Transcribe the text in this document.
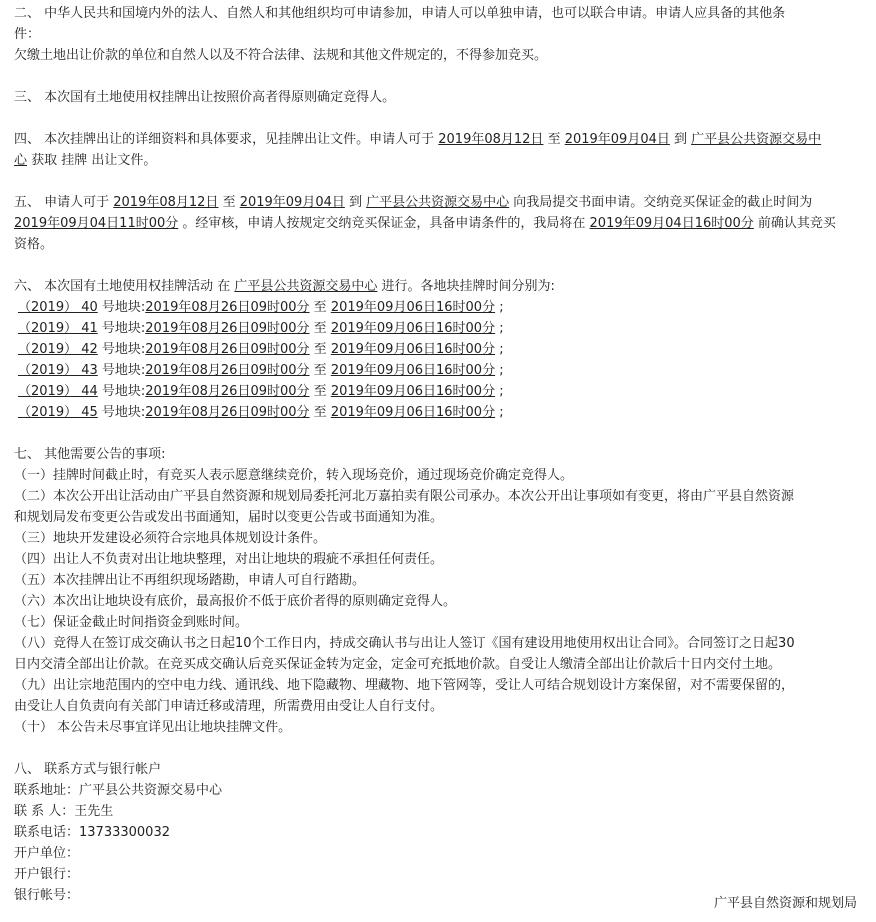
二、 中华人民共和国境内外的法人、自然人和其他组织均可申请参加，申请人可以单独申请，也可以联合申请。申请人应具备的其他条
件：
欠缴土地出让价款的单位和自然人以及不符合法律、法规和其他文件规定的，不得参加竞买。
三、 本次国有土地使用权挂牌出让按照价高者得原则确定竞得人。
四、 本次挂牌出让的详细资料和具体要求，见挂牌出让文件。申请人可于 2019年08月12日 至 2019年09月04日 到 广平县公共资源交易中
心 获取 挂牌 出让文件。
五、 申请人可于 2019年08月12日 至 2019年09月04日 到 广平县公共资源交易中心 向我局提交书面申请。交纳竞买保证金的截止时间为
2019年09月04日11时00分 。经审核，申请人按规定交纳竞买保证金，具备申请条件的，我局将在 2019年09月04日16时00分 前确认其竞买
资格。
六、 本次国有土地使用权挂牌活动 在 广平县公共资源交易中心 进行。各地块挂牌时间分别为:
（2019） 40 号地块:2019年08月26日09时00分 至 2019年09月06日16时00分 ;
（2019） 41 号地块:2019年08月26日09时00分 至 2019年09月06日16时00分 ;
（2019） 42 号地块:2019年08月26日09时00分 至 2019年09月06日16时00分 ;
（2019） 43 号地块:2019年08月26日09时00分 至 2019年09月06日16时00分 ;
（2019） 44 号地块:2019年08月26日09时00分 至 2019年09月06日16时00分 ;
（2019） 45 号地块:2019年08月26日09时00分 至 2019年09月06日16时00分 ;
七、 其他需要公告的事项:
（一）挂牌时间截止时，有竞买人表示愿意继续竞价，转入现场竞价，通过现场竞价确定竞得人。
（二）本次公开出让活动由广平县自然资源和规划局委托河北万嘉拍卖有限公司承办。本次公开出让事项如有变更，将由广平县自然资源
和规划局发布变更公告或发出书面通知，届时以变更公告或书面通知为准。
（三）地块开发建设必须符合宗地具体规划设计条件。
（四）出让人不负责对出让地块整理，对出让地块的瑕疵不承担任何责任。
（五）本次挂牌出让不再组织现场踏勘，申请人可自行踏勘。
（六）本次出让地块设有底价，最高报价不低于底价者得的原则确定竞得人。
（七）保证金截止时间指资金到账时间。
（八）竞得人在签订成交确认书之日起10个工作日内，持成交确认书与出让人签订《国有建设用地使用权出让合同》。合同签订之日起30
日内交清全部出让价款。在竞买成交确认后竞买保证金转为定金，定金可充抵地价款。自受让人缴清全部出让价款后十日内交付土地。
（九）出让宗地范围内的空中电力线、通讯线、地下隐藏物、埋藏物、地下管网等，受让人可结合规划设计方案保留，对不需要保留的，
由受让人自负责向有关部门申请迁移或清理，所需费用由受让人自行支付。
（十） 本公告未尽事宜详见出让地块挂牌文件。
八、 联系方式与银行帐户
联系地址：广平县公共资源交易中心
联 系 人：王先生
联系电话：13733300032
开户单位：
开户银行：
银行帐号：
广平县自然资源和规划局
